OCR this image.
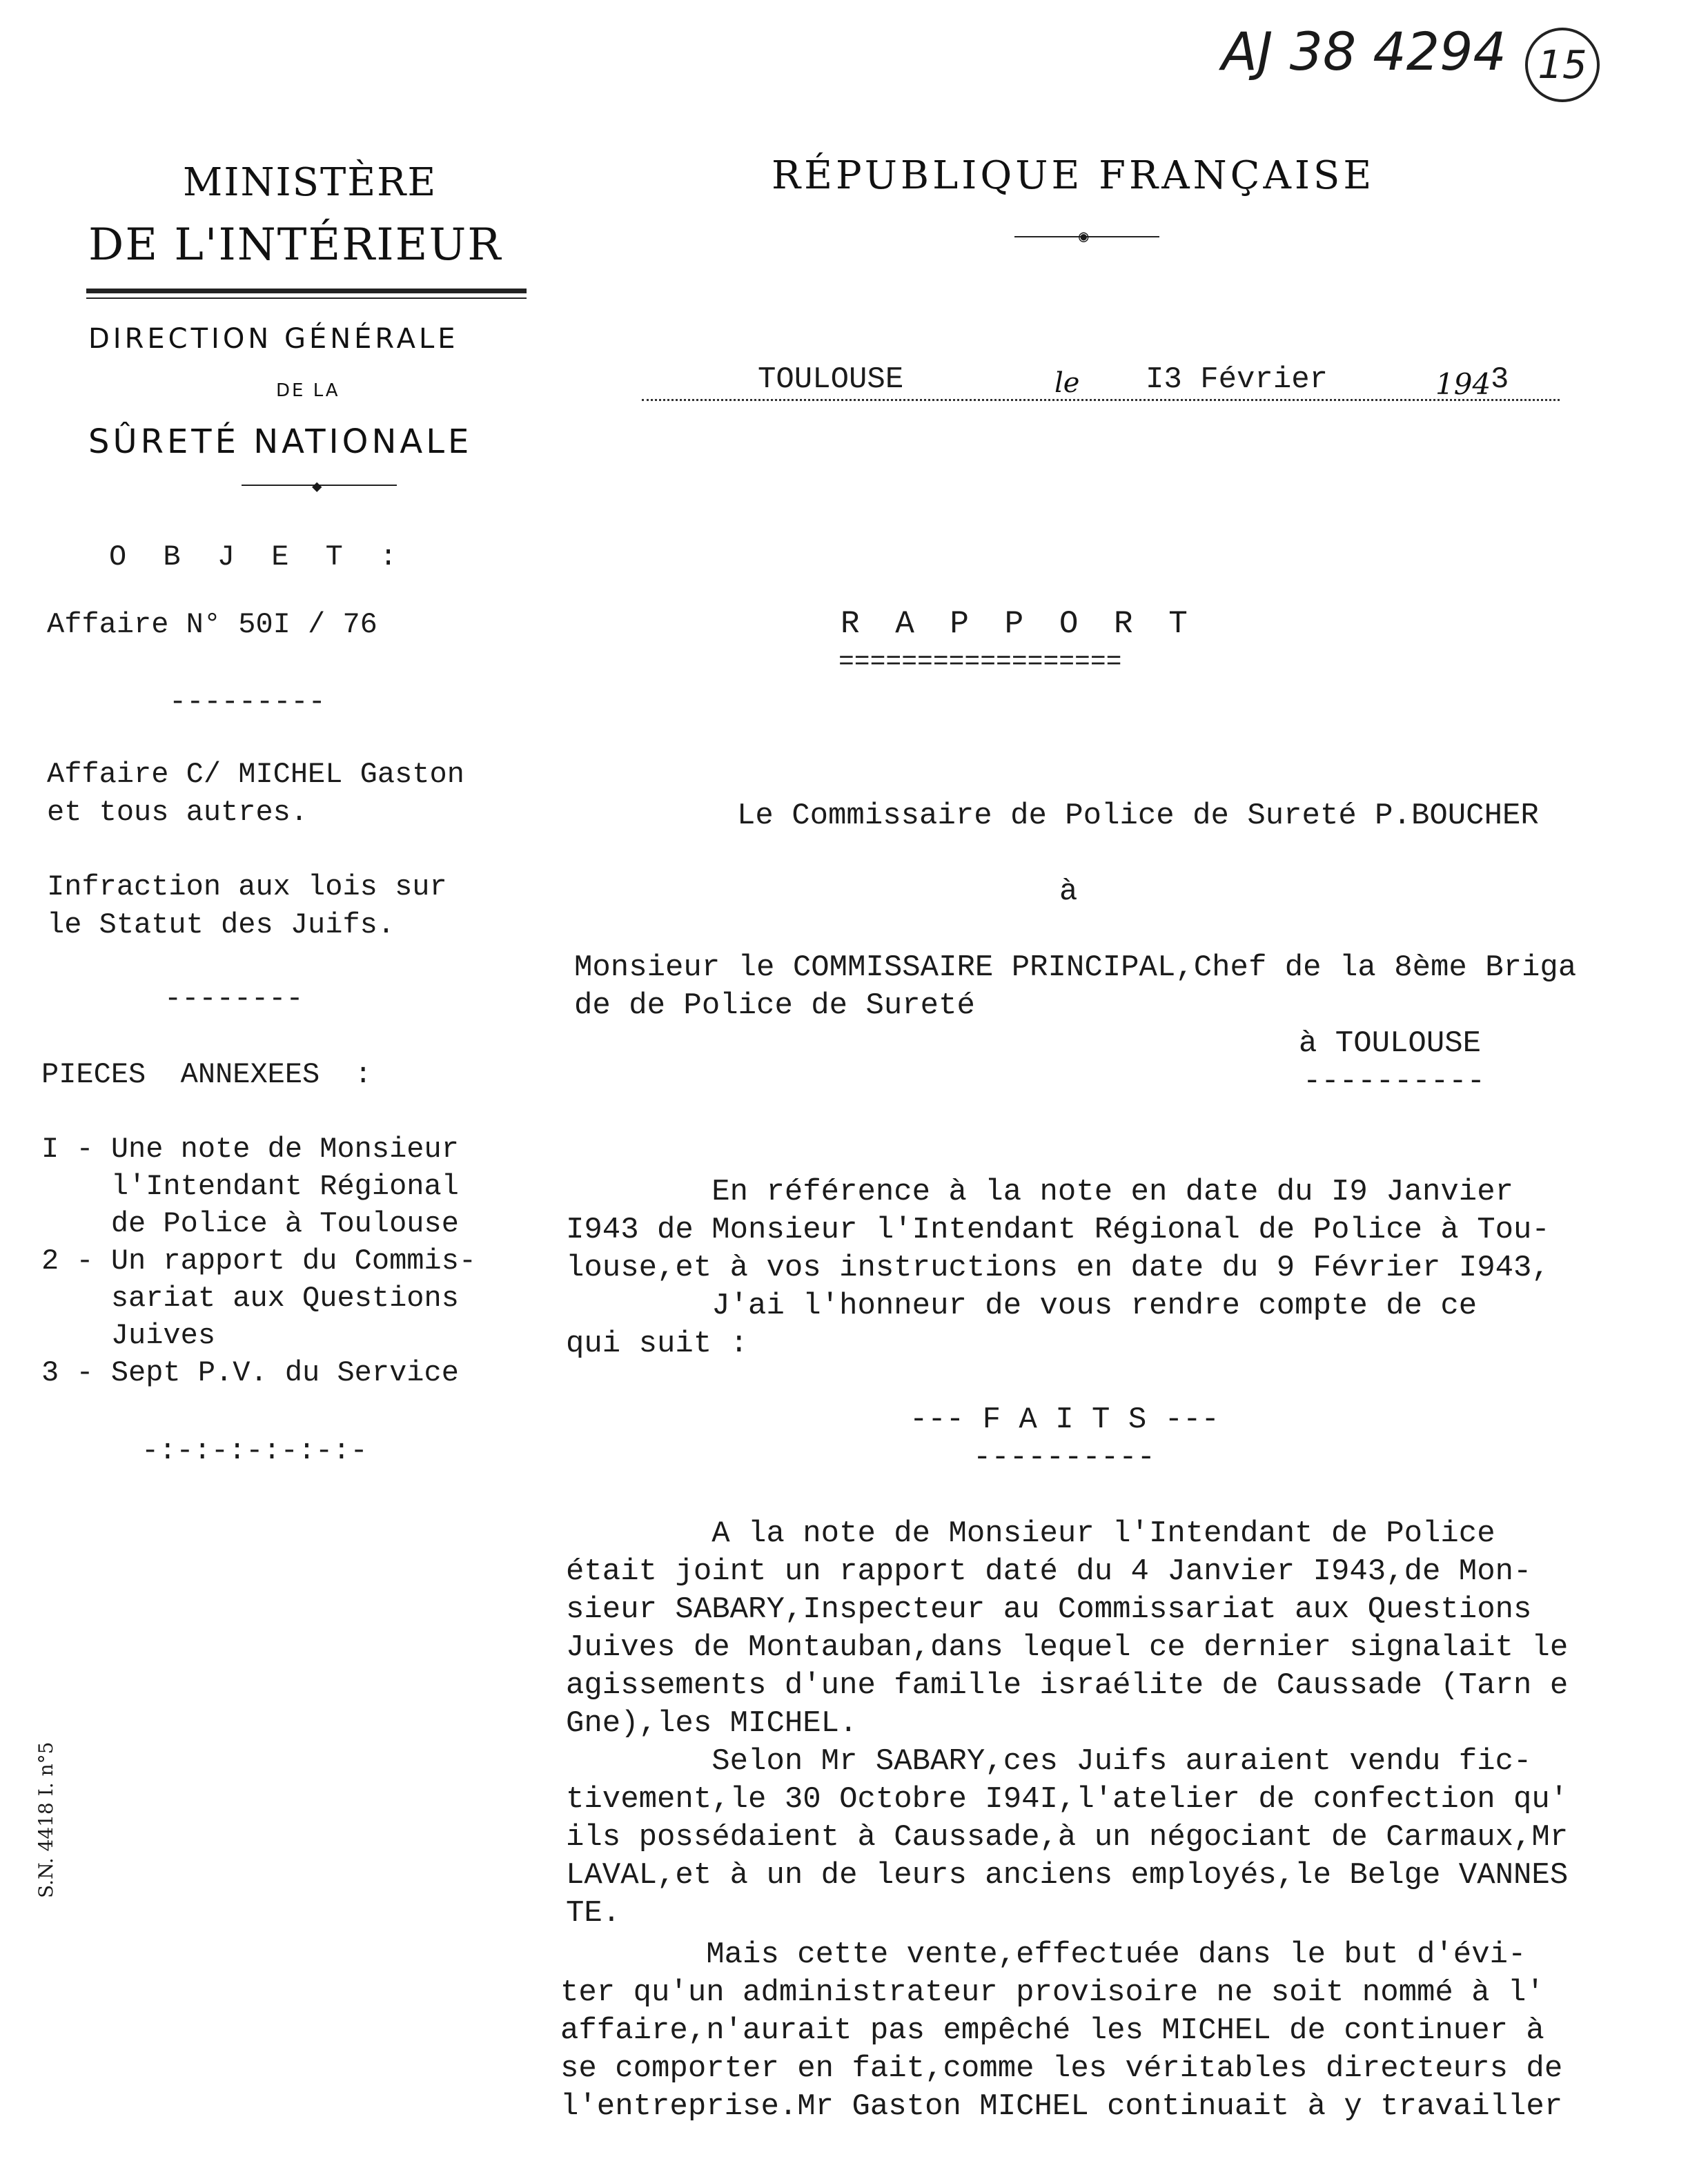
AJ 38 4294 15
MINISTÈRE
DE L'INTÉRIEUR
DIRECTION GÉNÉRALE
DE LA
SÛRETÉ NATIONALE
◆
RÉPUBLIQUE FRANÇAISE
◉
TOULOUSE	le I3 Février	194 3
O B J E T :
Affaire N° 50I / 76
---------
Affaire C/ MICHEL Gaston
et tous autres.
Infraction aux lois sur
le Statut des Juifs.
--------
PIECES  ANNEXEES  :
I - Une note de Monsieur
l'Intendant Régional
de Police à Toulouse
2 - Un rapport du Commis-
sariat aux Questions
Juives
3 - Sept P.V. du Service
-:-:-:-:-:-:-
R A P P O R T
==================
Le Commissaire de Police de Sureté P.BOUCHER
à
Monsieur le COMMISSAIRE PRINCIPAL,Chef de la 8ème Briga
de de Police de Sureté
à TOULOUSE
----------
En référence à la note en date du I9 Janvier
I943 de Monsieur l'Intendant Régional de Police à Tou-
louse,et à vos instructions en date du 9 Février I943,
J'ai l'honneur de vous rendre compte de ce
qui suit :
--- F A I T S ---
----------
A la note de Monsieur l'Intendant de Police
était joint un rapport daté du 4 Janvier I943,de Mon-
sieur SABARY,Inspecteur au Commissariat aux Questions
Juives de Montauban,dans lequel ce dernier signalait le
agissements d'une famille israélite de Caussade (Tarn e
Gne),les MICHEL.
Selon Mr SABARY,ces Juifs auraient vendu fic-
tivement,le 30 Octobre I94I,l'atelier de confection qu'
ils possédaient à Caussade,à un négociant de Carmaux,Mr
LAVAL,et à un de leurs anciens employés,le Belge VANNES
TE.
Mais cette vente,effectuée dans le but d'évi-
ter qu'un administrateur provisoire ne soit nommé à l'
affaire,n'aurait pas empêché les MICHEL de continuer à
se comporter en fait,comme les véritables directeurs de
l'entreprise.Mr Gaston MICHEL continuait à y travailler
S.N. 4418 I. n°5
